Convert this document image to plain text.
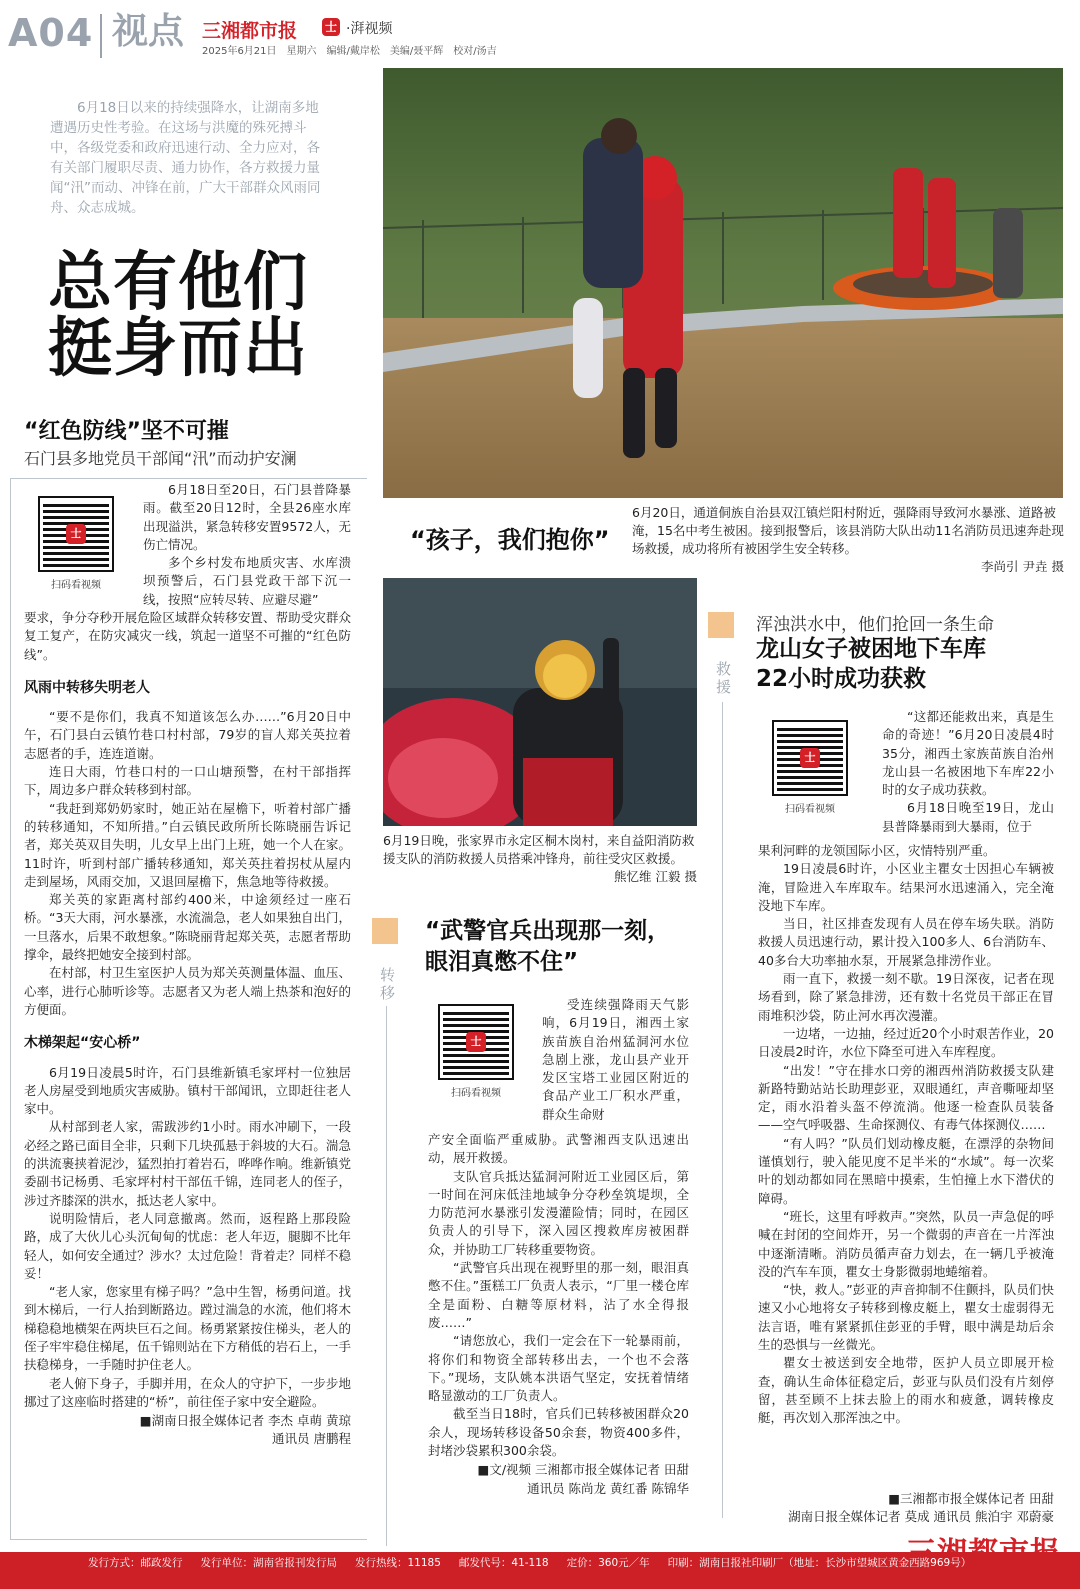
A04 视点 三湘都市报 士 ·湃视频
2025年6月21日　星期六　编辑/戴岸松　美编/聂平辉　校对/汤吉
6月18日以来的持续强降水，让湖南多地遭遇历史性考验。在这场与洪魔的殊死搏斗中，各级党委和政府迅速行动、全力应对，各有关部门履职尽责、通力协作，各方救援力量闻“汛”而动、冲锋在前，广大干部群众风雨同舟、众志成城。
总有他们
挺身而出
“红色防线”坚不可摧
石门县多地党员干部闻“汛”而动护安澜
士
扫码看视频

6月18日至20日，石门县普降暴雨。截至20日12时，全县26座水库出现溢洪，紧急转移安置9572人，无伤亡情况。

多个乡村发布地质灾害、水库溃坝预警后，石门县党政干部下沉一线，按照“应转尽转、应避尽避”

要求，争分夺秒开展危险区域群众转移安置、帮助受灾群众复工复产，在防灾减灾一线，筑起一道坚不可摧的“红色防线”。

风雨中转移失明老人

“要不是你们，我真不知道该怎么办……”6月20日中午，石门县白云镇竹巷口村村部，79岁的盲人郑关英拉着志愿者的手，连连道谢。

连日大雨，竹巷口村的一口山塘预警，在村干部指挥下，周边多户群众转移到村部。

“我赶到郑奶奶家时，她正站在屋檐下，听着村部广播的转移通知，不知所措。”白云镇民政所所长陈晓丽告诉记者，郑关英双目失明，儿女早上出门上班，她一个人在家。11时许，听到村部广播转移通知，郑关英拄着拐杖从屋内走到屋场，风雨交加，又退回屋檐下，焦急地等待救援。

郑关英的家距离村部约400米，中途须经过一座石桥。“3天大雨，河水暴涨，水流湍急，老人如果独自出门，一旦落水，后果不敢想象。”陈晓丽背起郑关英，志愿者帮助撑伞，最终把她安全接到村部。

在村部，村卫生室医护人员为郑关英测量体温、血压、心率，进行心肺听诊等。志愿者又为老人端上热茶和泡好的方便面。

木梯架起“安心桥”

6月19日凌晨5时许，石门县维新镇毛家坪村一位独居老人房屋受到地质灾害威胁。镇村干部闻讯，立即赶往老人家中。

从村部到老人家，需跋涉约1小时。雨水冲刷下，一段必经之路已面目全非，只剩下几块孤悬于斜坡的大石。湍急的洪流裹挟着泥沙，猛烈拍打着岩石，哗哗作响。维新镇党委副书记杨勇、毛家坪村村干部伍千锦，连同老人的侄子，涉过齐膝深的洪水，抵达老人家中。

说明险情后，老人同意撤离。然而，返程路上那段险路，成了大伙儿心头沉甸甸的忧虑：老人年迈，腿脚不比年轻人，如何安全通过？涉水？太过危险！背着走？同样不稳妥！

“老人家，您家里有梯子吗？”急中生智，杨勇问道。找到木梯后，一行人抬到断路边。蹚过湍急的水流，他们将木梯稳稳地横架在两块巨石之间。杨勇紧紧按住梯头，老人的侄子牢牢稳住梯尾，伍千锦则站在下方稍低的岩石上，一手扶稳梯身，一手随时护住老人。

老人俯下身子，手脚并用，在众人的守护下，一步步地挪过了这座临时搭建的“桥”，前往侄子家中安全避险。

■湖南日报全媒体记者 李杰 卓萌 黄琼
通讯员 唐鹏程
“孩子，我们抱你”
6月20日，通道侗族自治县双江镇烂阳村附近，强降雨导致河水暴涨、道路被淹，15名中考生被困。接到报警后，该县消防大队出动11名消防员迅速奔赴现场救援，成功将所有被困学生安全转移。
李尚引 尹垚 摄
6月19日晚，张家界市永定区桐木岗村，来自益阳消防救援支队的消防救援人员搭乘冲锋舟，前往受灾区救援。
熊忆维 江毅 摄
转移
“武警官兵出现那一刻，
眼泪真憋不住”
士
扫码看视频

受连续强降雨天气影响，6月19日，湘西土家族苗族自治州猛洞河水位急剧上涨，龙山县产业开发区宝塔工业园区附近的食品产业工厂积水严重，群众生命财

产安全面临严重威胁。武警湘西支队迅速出动，展开救援。

支队官兵抵达猛洞河附近工业园区后，第一时间在河床低洼地域争分夺秒垒筑堤坝，全力防范河水暴涨引发漫灌险情；同时，在园区负责人的引导下，深入园区搜救库房被困群众，并协助工厂转移重要物资。

“武警官兵出现在视野里的那一刻，眼泪真憋不住。”蛋糕工厂负责人表示，“厂里一楼仓库全是面粉、白糖等原材料，沾了水全得报废……”

“请您放心，我们一定会在下一轮暴雨前，将你们和物资全部转移出去，一个也不会落下。”现场，支队姚本洪语气坚定，安抚着情绪略显激动的工厂负责人。

截至当日18时，官兵们已转移被困群众20余人，现场转移设备50余套，物资400多件，封堵沙袋累积300余袋。

■文/视频 三湘都市报全媒体记者 田甜
通讯员 陈尚龙 黄红番 陈锦华
救援
浑浊洪水中，他们抢回一条生命
龙山女子被困地下车库
22小时成功获救
士
扫码看视频

“这都还能救出来，真是生命的奇迹！”6月20日凌晨4时35分，湘西土家族苗族自治州龙山县一名被困地下车库22小时的女子成功获救。

6月18日晚至19日，龙山县普降暴雨到大暴雨，位于

果利河畔的龙领国际小区，灾情特别严重。

19日凌晨6时许，小区业主瞿女士因担心车辆被淹，冒险进入车库取车。结果河水迅速涌入，完全淹没地下车库。

当日，社区排查发现有人员在停车场失联。消防救援人员迅速行动，累计投入100多人、6台消防车、40多台大功率抽水泵，开展紧急排涝作业。

雨一直下，救援一刻不歇。19日深夜，记者在现场看到，除了紧急排涝，还有数十名党员干部正在冒雨堆积沙袋，防止河水再次漫灌。

一边堵，一边抽，经过近20个小时艰苦作业，20日凌晨2时许，水位下降至可进入车库程度。

“出发！”守在排水口旁的湘西州消防救援支队建新路特勤站站长助理彭亚，双眼通红，声音嘶哑却坚定，雨水沿着头盔不停流淌。他逐一检查队员装备——空气呼吸器、生命探测仪、有毒气体探测仪……

“有人吗？”队员们划动橡皮艇，在漂浮的杂物间谨慎划行，驶入能见度不足半米的“水域”。每一次桨叶的划动都如同在黑暗中摸索，生怕撞上水下潜伏的障碍。

“班长，这里有呼救声。”突然，队员一声急促的呼喊在封闭的空间炸开，另一个微弱的声音在一片浑浊中逐渐清晰。消防员循声奋力划去，在一辆几乎被淹没的汽车车顶，瞿女士身影微弱地蜷缩着。

“快，救人。”彭亚的声音抑制不住颤抖，队员们快速又小心地将女子转移到橡皮艇上，瞿女士虚弱得无法言语，唯有紧紧抓住彭亚的手臂，眼中满是劫后余生的恐惧与一丝微光。

瞿女士被送到安全地带，医护人员立即展开检查，确认生命体征稳定后，彭亚与队员们没有片刻停留，甚至顾不上抹去脸上的雨水和疲惫，调转橡皮艇，再次划入那浑浊之中。

■三湘都市报全媒体记者 田甜
湖南日报全媒体记者 莫成 通讯员 熊泊宇 邓蔚豪
发行方式：邮政发行 发行单位：湖南省报刊发行局 发行热线：11185 邮发代号：41-118 定价：360元／年 印刷：湖南日报社印刷厂（地址：长沙市望城区黄金西路969号）
